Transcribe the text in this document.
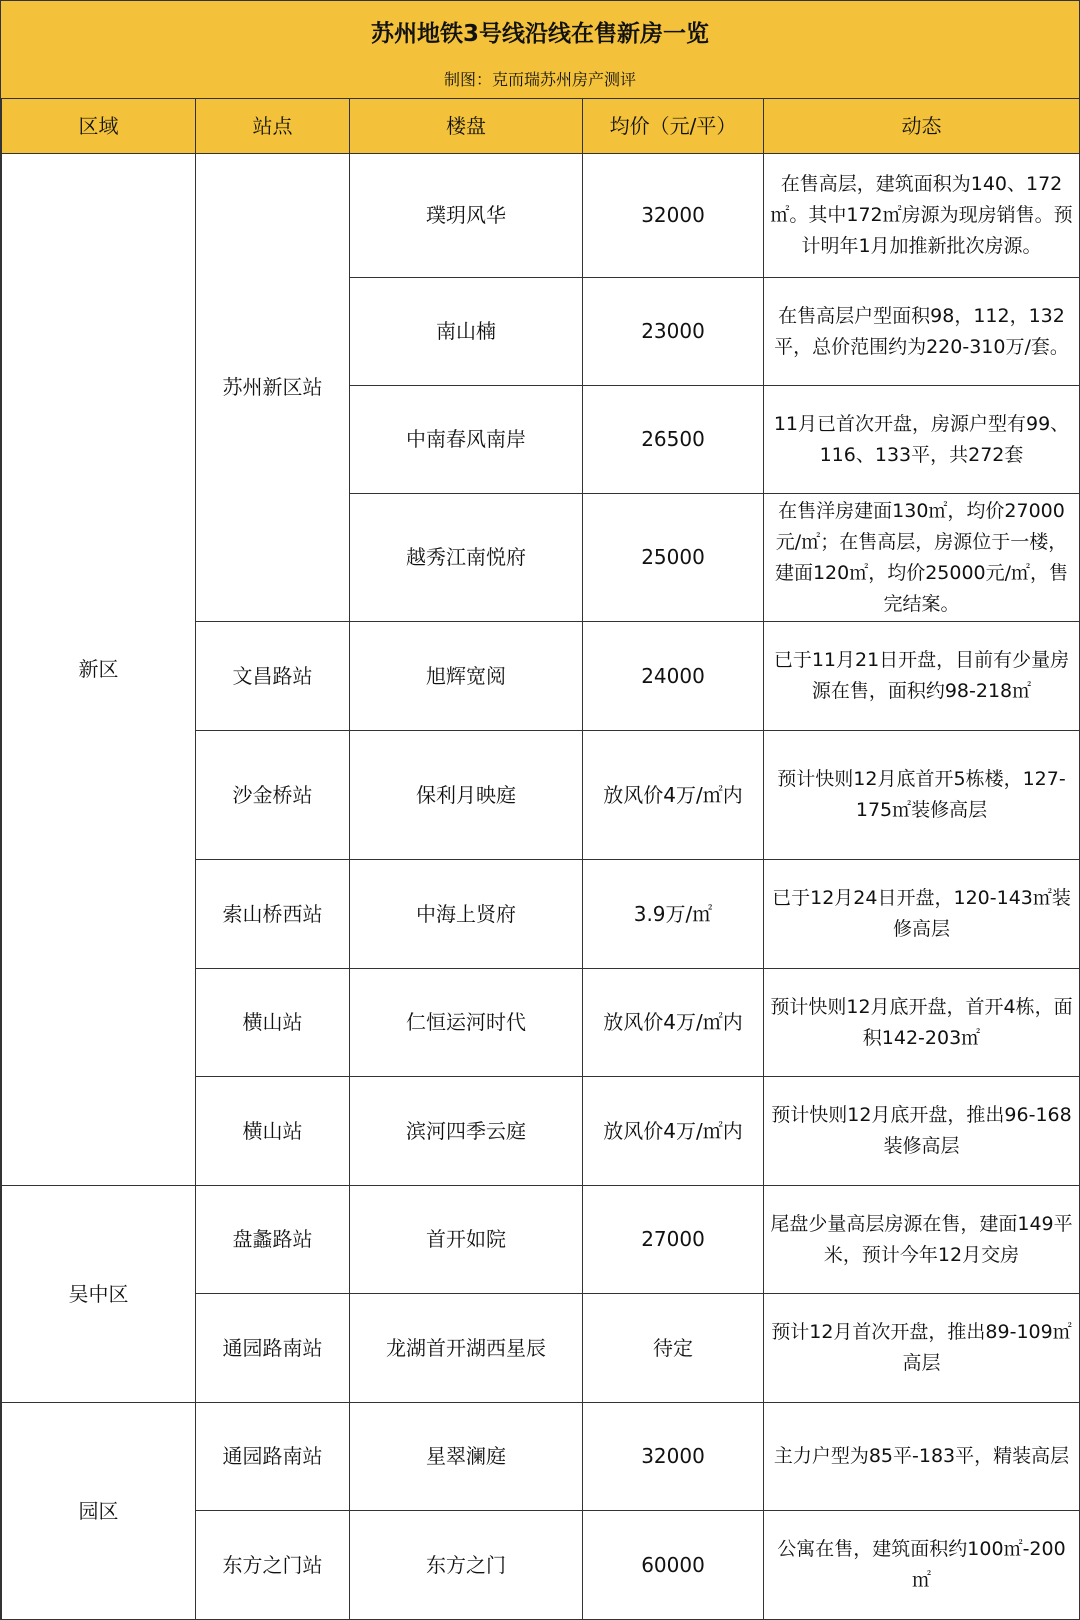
苏州地铁3号线沿线在售新房一览
制图：克而瑞苏州房产测评
区域	站点	楼盘	均价（元/平）	动态
新区	苏州新区站	璞玥风华	32000	在售高层，建筑面积为140、172㎡。其中172㎡房源为现房销售。预计明年1月加推新批次房源。
		南山楠	23000	在售高层户型面积98，112，132平，总价范围约为220-310万/套。
		中南春风南岸	26500	11月已首次开盘，房源户型有99、116、133平，共272套
		越秀江南悦府	25000	在售洋房建面130㎡，均价27000元/㎡；在售高层，房源位于一楼，建面120㎡，均价25000元/㎡，售完结案。
	文昌路站	旭辉宽阅	24000	已于11月21日开盘，目前有少量房源在售，面积约98-218㎡
	沙金桥站	保利月映庭	放风价4万/㎡内	预计快则12月底首开5栋楼，127-175㎡装修高层
	索山桥西站	中海上贤府	3.9万/㎡	已于12月24日开盘，120-143㎡装修高层
	横山站	仁恒运河时代	放风价4万/㎡内	预计快则12月底开盘，首开4栋，面积142-203㎡
	横山站	滨河四季云庭	放风价4万/㎡内	预计快则12月底开盘，推出96-168装修高层
吴中区	盘蠡路站	首开如院	27000	尾盘少量高层房源在售，建面149平米，预计今年12月交房
	通园路南站	龙湖首开湖西星辰	待定	预计12月首次开盘，推出89-109㎡高层
园区	通园路南站	星翠澜庭	32000	主力户型为85平-183平，精装高层
	东方之门站	东方之门	60000	公寓在售，建筑面积约100㎡-200㎡
